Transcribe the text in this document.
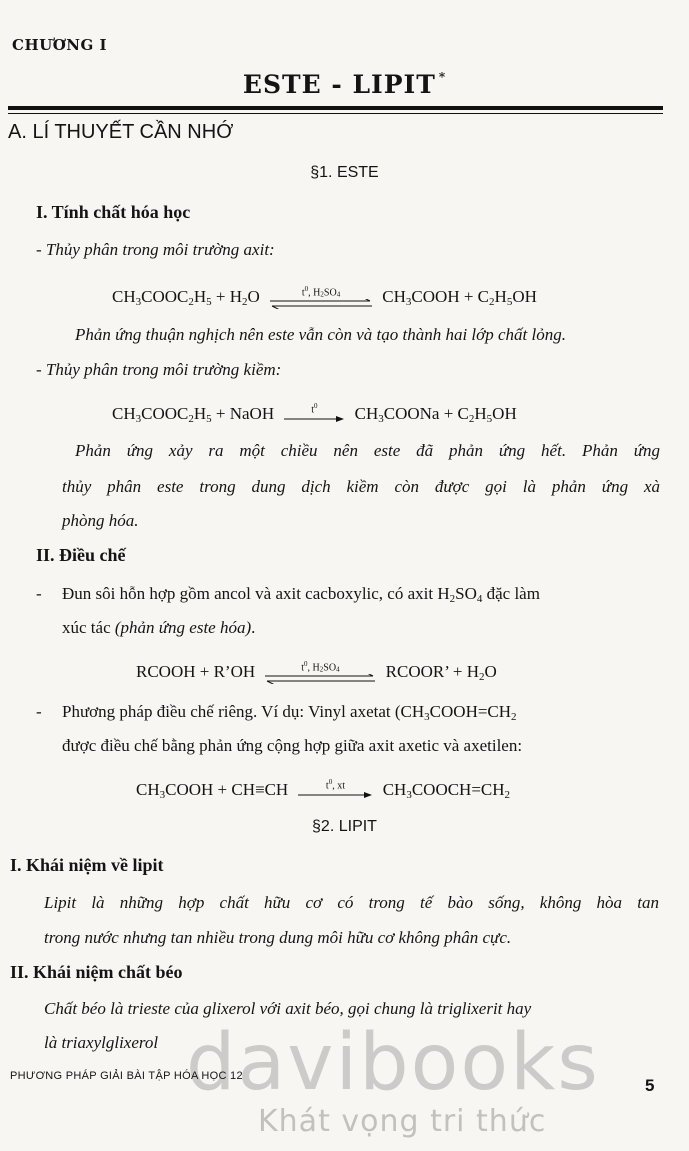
CHƯƠNG I
ESTE - LIPIT *
A. LÍ THUYẾT CẦN NHỚ
§1. ESTE
I. Tính chất hóa học
- Thủy phân trong môi trường axit:
$CH_3COOC_2H_5 + H_2O$	$t^0$, $H_2SO_4$	$CH_3COOH + C_2H_5OH$
Phản ứng thuận nghịch nên este vẫn còn và tạo thành hai lớp chất lỏng.
- Thủy phân trong môi trường kiềm:
$CH_3COOC_2H_5$ + NaOH	$t^0$	$CH_3COONa + C_2H_5OH$
Phản ứng xảy ra một chiều nên este đã phản ứng hết. Phản ứng
thủy phân este trong dung dịch kiềm còn được gọi là phản ứng xà
phòng hóa.
II. Điều chế
- Đun sôi hỗn hợp gồm ancol và axit cacboxylic, có axit $H_2SO_4$ đặc làm
xúc tác (phản ứng este hóa).
RCOOH + R’OH	$t^0$, $H_2SO_4$	RCOOR’ + $H_2O$
- Phương pháp điều chế riêng. Ví dụ: Vinyl axetat ($CH_3COOH=CH_2$
được điều chế bằng phản ứng cộng hợp giữa axit axetic và axetilen:
$CH_3COOH + CH\equiv CH$	$t^0$, xt	$CH_3COOCH=CH_2$
§2. LIPIT
I. Khái niệm về lipit
Lipit là những hợp chất hữu cơ có trong tế bào sống, không hòa tan
trong nước nhưng tan nhiều trong dung môi hữu cơ không phân cực.
II. Khái niệm chất béo
Chất béo là trieste của glixerol với axit béo, gọi chung là triglixerit hay
là triaxylglixerol davibooks
Khát vọng tri thức
PHƯƠNG PHÁP GIẢI BÀI TẬP HÓA HỌC 12	5
